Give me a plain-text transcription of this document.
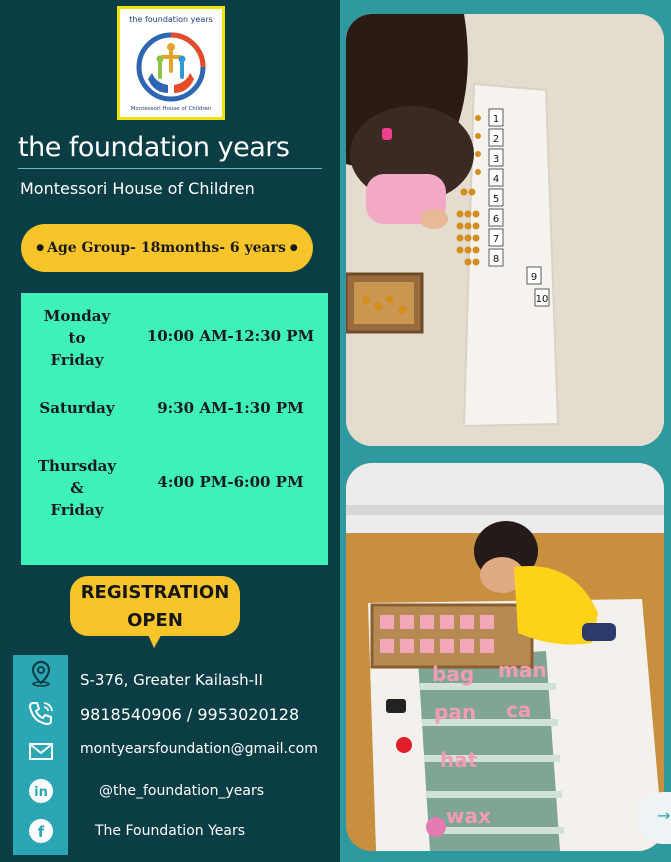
the foundation years
Montessori House of Children
the foundation years
Montessori House of Children
● Age Group- 18months- 6 years ●
Monday
to
Friday
10:00 AM-12:30 PM
Saturday	9:30 AM-1:30 PM
Thursday
&
Friday
4:00 PM-6:00 PM
REGISTRATION
OPEN
in
f
S-376, Greater Kailash-II
9818540906 / 9953020128
montyearsfoundation@gmail.com
@the_foundation_years
The Foundation Years
1
2
3
4
5
6
7
8
9
10
bag man
pan ca
hat
wax	→
